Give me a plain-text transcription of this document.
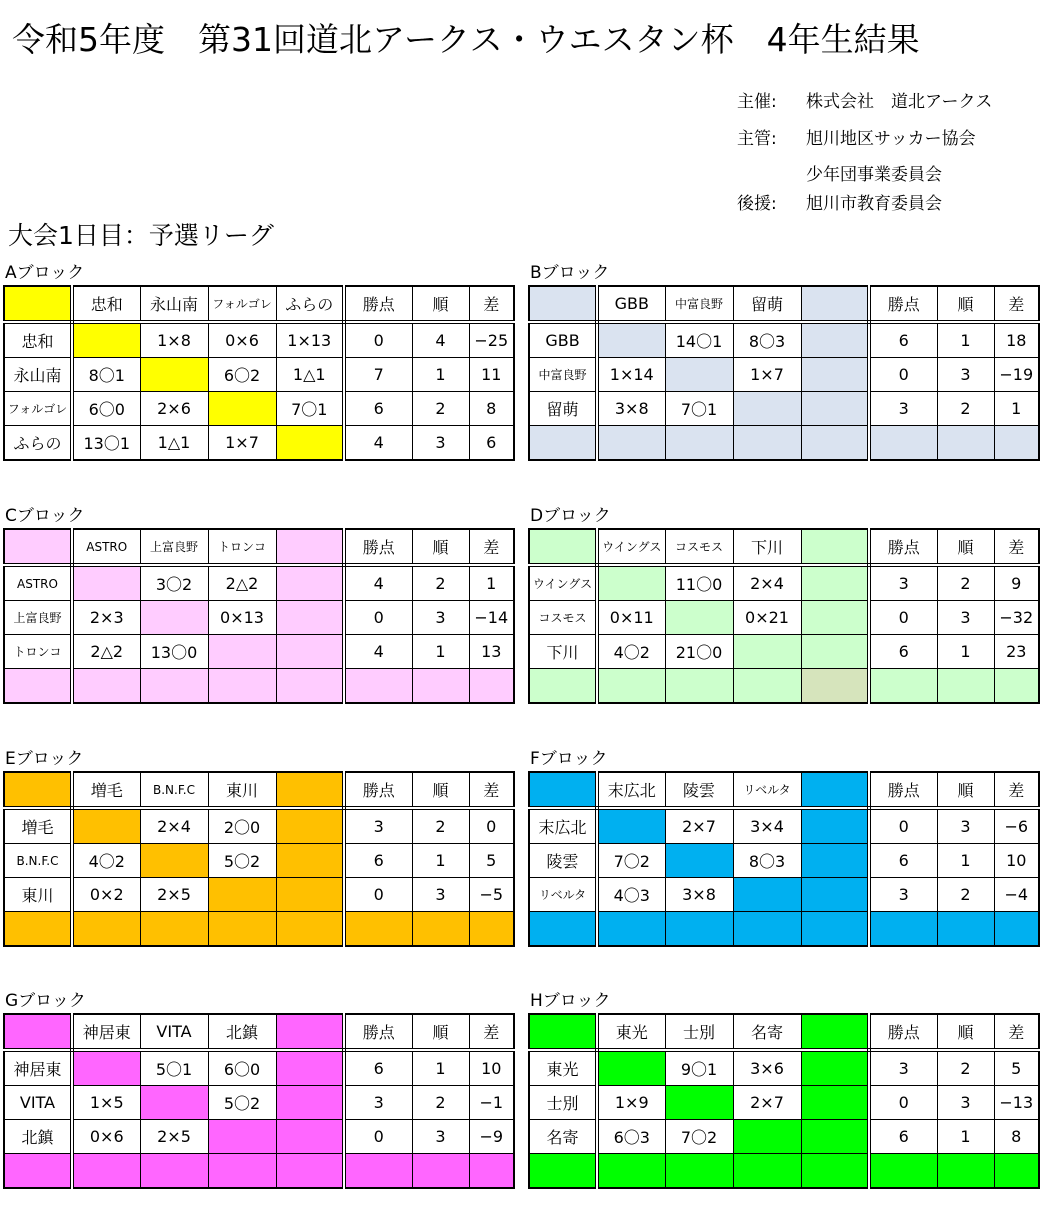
令和5年度　第31回道北アークス・ウエスタン杯　4年生結果
主催: 株式会社　道北アークス
主管: 旭川地区サッカー協会
少年団事業委員会
後援: 旭川市教育委員会
大会1日目：予選リーグ
Aブロック
	忠和	永山南	フォルゴレ	ふらの	勝点	順	差
忠和		1×8	0×6	1×13	0	4	−25
永山南	8〇1		6〇2	1△1	7	1	11
フォルゴレ	6〇0	2×6		7〇1	6	2	8
ふらの	13〇1	1△1	1×7		4	3	6
Bブロック
	GBB	中富良野	留萌		勝点	順	差
GBB		14〇1	8〇3		6	1	18
中富良野	1×14		1×7		0	3	−19
留萌	3×8	7〇1			3	2	1

Cブロック
	ASTRO	上富良野	トロンコ		勝点	順	差
ASTRO		3〇2	2△2		4	2	1
上富良野	2×3		0×13		0	3	−14
トロンコ	2△2	13〇0			4	1	13

Dブロック
	ウイングス	コスモス	下川		勝点	順	差
ウイングス		11〇0	2×4		3	2	9
コスモス	0×11		0×21		0	3	−32
下川	4〇2	21〇0			6	1	23

Eブロック
	増毛	B.N.F.C	東川		勝点	順	差
増毛		2×4	2〇0		3	2	0
B.N.F.C	4〇2		5〇2		6	1	5
東川	0×2	2×5			0	3	−5

Fブロック
	末広北	陵雲	リベルタ		勝点	順	差
末広北		2×7	3×4		0	3	−6
陵雲	7〇2		8〇3		6	1	10
リベルタ	4〇3	3×8			3	2	−4

Gブロック
	神居東	VITA	北鎮		勝点	順	差
神居東		5〇1	6〇0		6	1	10
VITA	1×5		5〇2		3	2	−1
北鎮	0×6	2×5			0	3	−9

Hブロック
	東光	士別	名寄		勝点	順	差
東光		9〇1	3×6		3	2	5
士別	1×9		2×7		0	3	−13
名寄	6〇3	7〇2			6	1	8
